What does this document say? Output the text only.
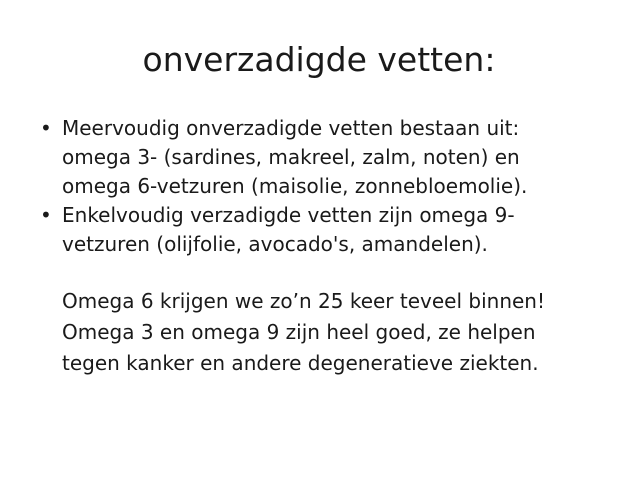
onverzadigde vetten:
• Meervoudig onverzadigde vetten bestaan uit:
omega 3- (sardines, makreel, zalm, noten) en
omega 6-vetzuren (maisolie, zonnebloemolie).
• Enkelvoudig verzadigde vetten zijn omega 9-
vetzuren (olijfolie, avocado's, amandelen).
Omega 6 krijgen we zo’n 25 keer teveel binnen!
Omega 3 en omega 9 zijn heel goed, ze helpen
tegen kanker en andere degeneratieve ziekten.
